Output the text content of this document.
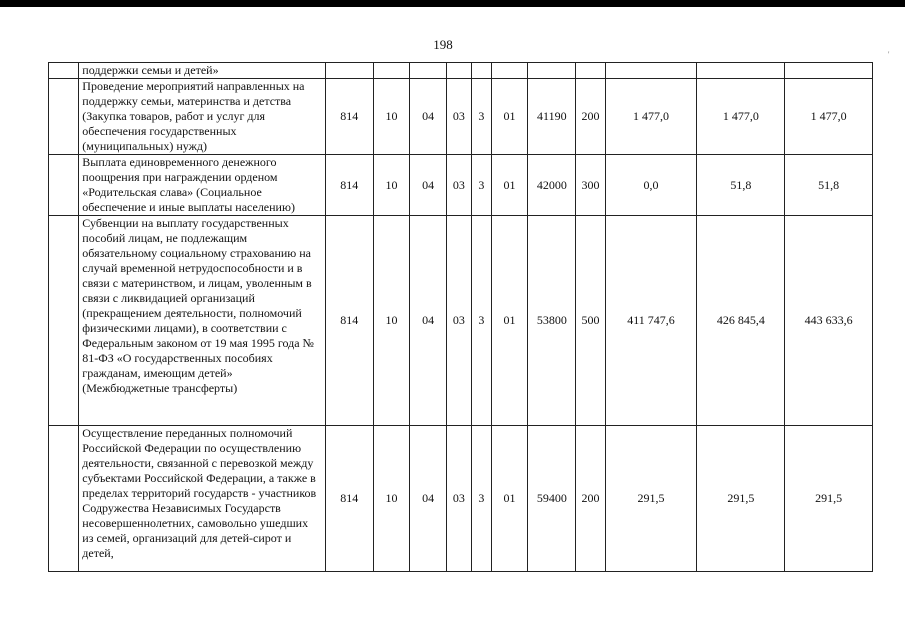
198
'
	поддержки семьи и детей»											
	Проведение мероприятий направленных на поддержку семьи, материнства и детства (Закупка товаров, работ и услуг для обеспечения государственных (муниципальных) нужд)	814	10	04	03	3	01	41190	200	1 477,0	1 477,0	1 477,0
	Выплата единовременного денежного поощрения при награждении орденом «Родительская слава» (Социальное обеспечение и иные выплаты населению)	814	10	04	03	3	01	42000	300	0,0	51,8	51,8
	Субвенции на выплату государственных пособий лицам, не подлежащим обязательному социальному страхованию на случай временной нетрудоспособности и в связи с материнством, и лицам, уволенным в связи с ликвидацией организаций (прекращением деятельности, полномочий физическими лицами), в соответствии с Федеральным законом от 19 мая 1995 года № 81-ФЗ «О государственных пособиях гражданам, имеющим детей» (Межбюджетные трансферты)	814	10	04	03	3	01	53800	500	411 747,6	426 845,4	443 633,6
	Осуществление переданных полномочий Российской Федерации по осуществлению деятельности, связанной с перевозкой между субъектами Российской Федерации, а также в пределах территорий государств - участников Содружества Независимых Государств несовершеннолетних, самовольно ушедших из семей, организаций для детей-сирот и детей,	814	10	04	03	3	01	59400	200	291,5	291,5	291,5
